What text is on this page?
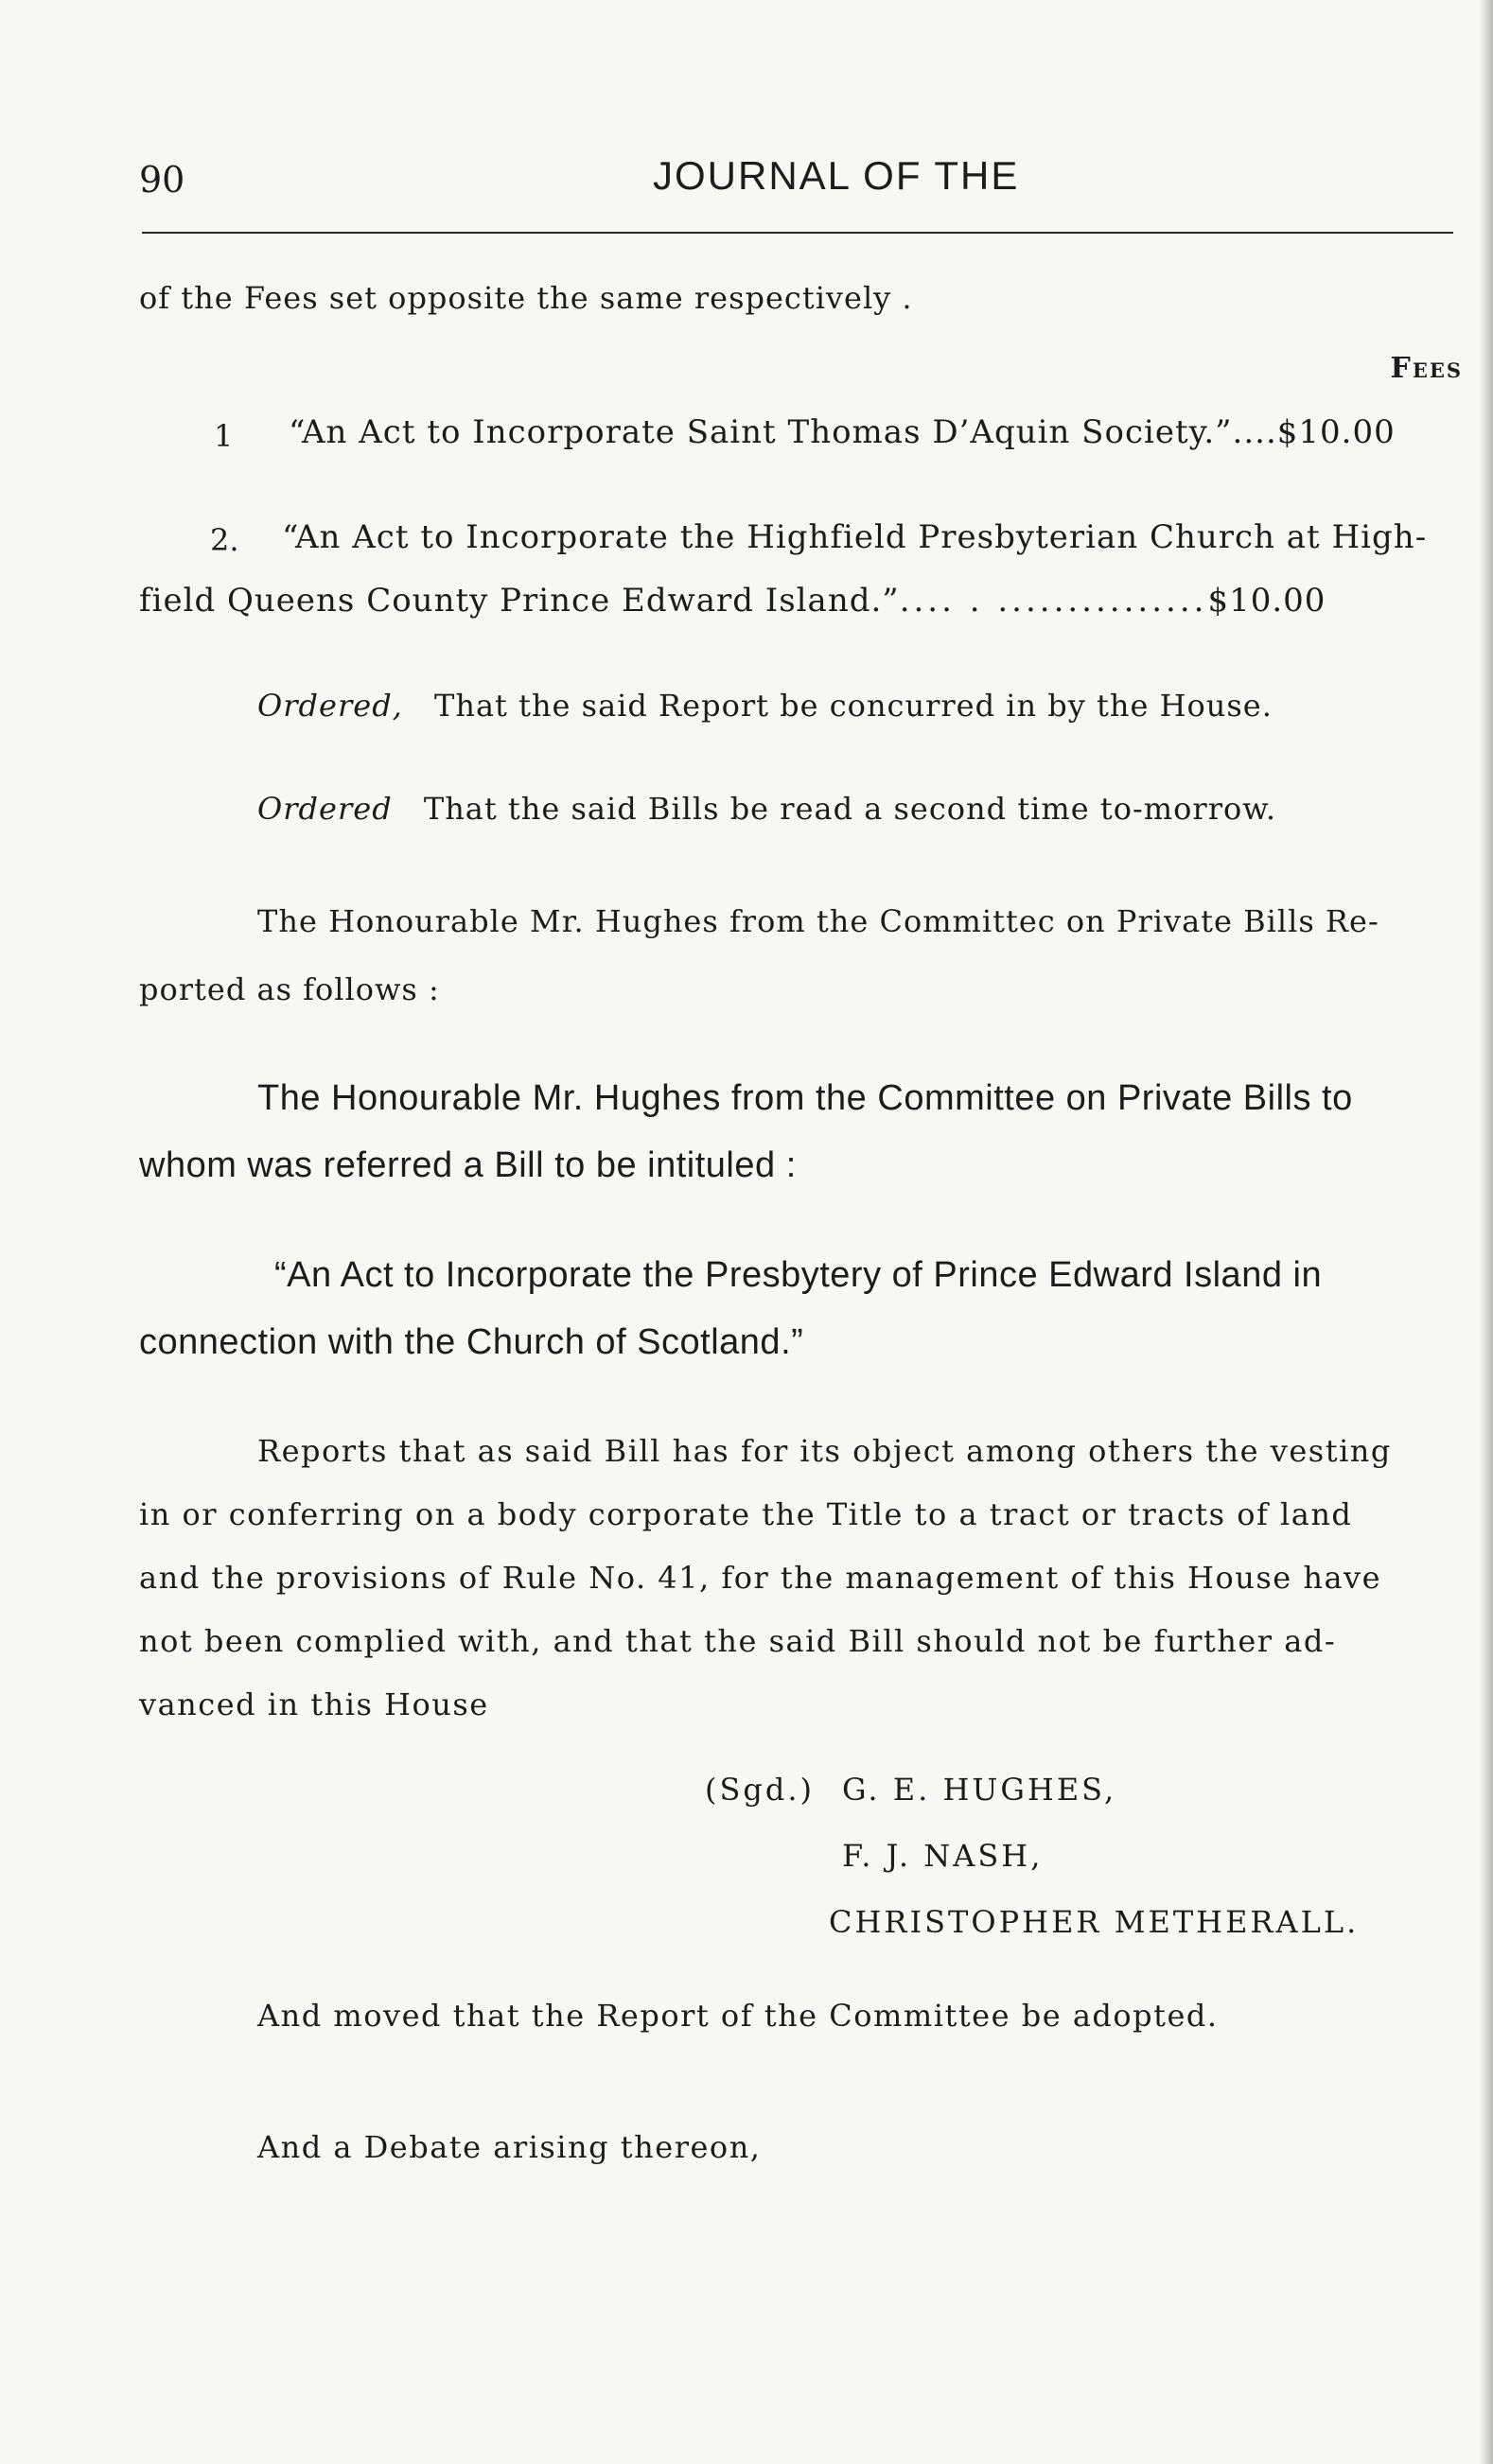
90	JOURNAL OF THE
of the Fees set opposite the same respectively .
Fees
1 “An Act to Incorporate Saint Thomas D’Aquin Society.”....$10.00
2. “An Act to Incorporate the Highfield Presbyterian Church at High-
field Queens County Prince Edward Island.”.... . ...............$10.00
Ordered, That the said Report be concurred in by the House.
Ordered That the said Bills be read a second time to-morrow.
The Honourable Mr. Hughes from the Committec on Private Bills Re-
ported as follows :
The Honourable Mr. Hughes from the Committee on Private Bills to
whom was referred a Bill to be intituled :
“An Act to Incorporate the Presbytery of Prince Edward Island in
connection with the Church of Scotland.”
Reports that as said Bill has for its object among others the vesting
in or conferring on a body corporate the Title to a tract or tracts of land
and the provisions of Rule No. 41, for the management of this House have
not been complied with, and that the said Bill should not be further ad-
vanced in this House
(Sgd.) G. E. HUGHES,
F. J. NASH,
CHRISTOPHER METHERALL.
And moved that the Report of the Committee be adopted.
And a Debate arising thereon,
